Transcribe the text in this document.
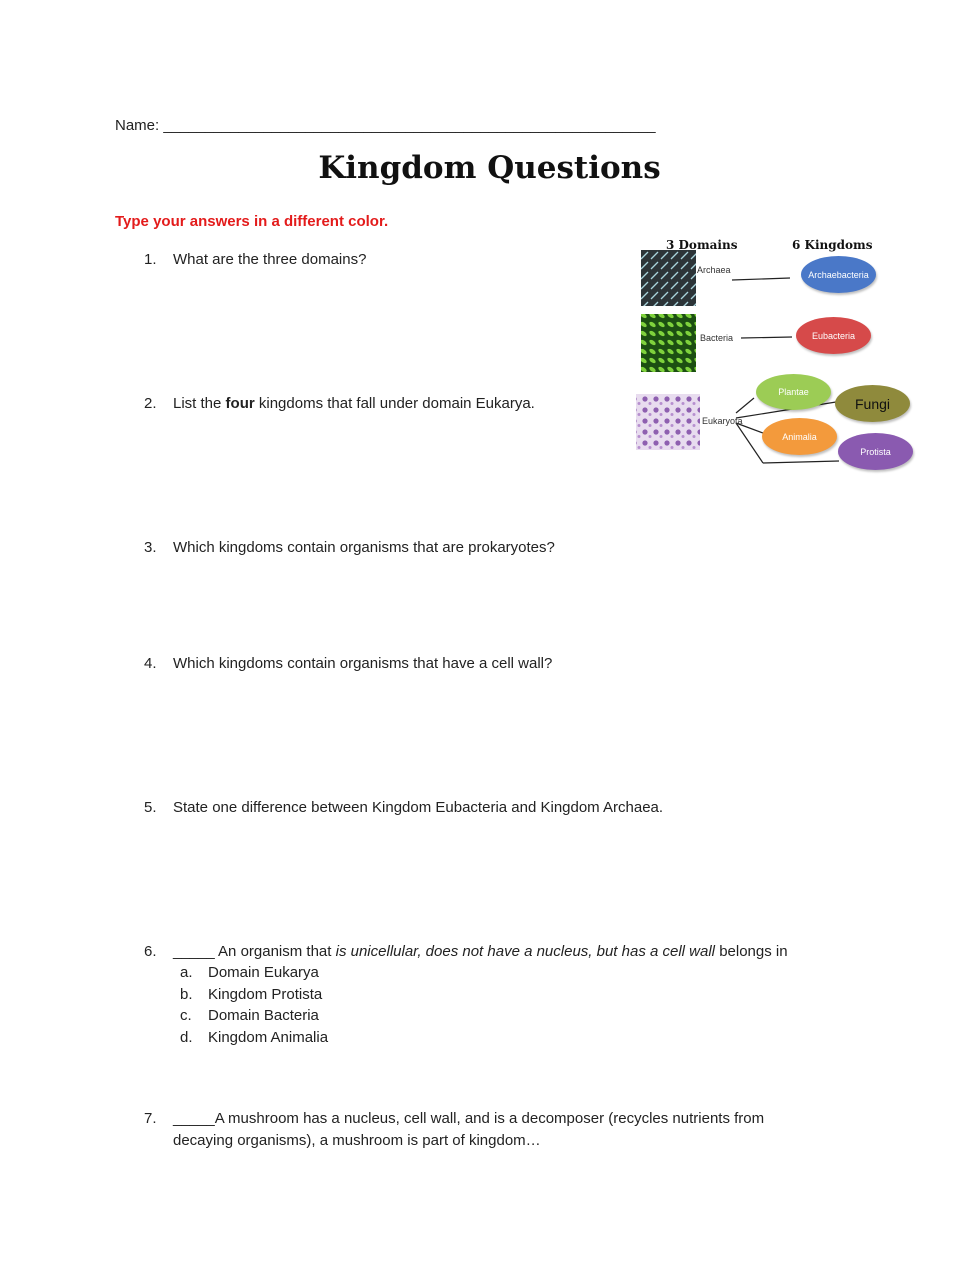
Name: ___________________________________________________________
Kingdom Questions
Type your answers in a different color.
1. What are the three domains?
2. List the four kingdoms that fall under domain Eukarya.
3. Which kingdoms contain organisms that are prokaryotes?
4. Which kingdoms contain organisms that have a cell wall?
5. State one difference between Kingdom Eubacteria and Kingdom Archaea.
6. _____ An organism that is unicellular, does not have a nucleus, but has a cell wall belongs in
a. Domain Eukarya
b. Kingdom Protista
c. Domain Bacteria
d. Kingdom Animalia
7. _____A mushroom has a nucleus, cell wall, and is a decomposer (recycles nutrients from
decaying organisms), a mushroom is part of kingdom…
3 Domains	6 Kingdoms
Archaea
Bacteria
Eukaryota
Archaebacteria
Eubacteria
Plantae
Fungi
Animalia
Protista
